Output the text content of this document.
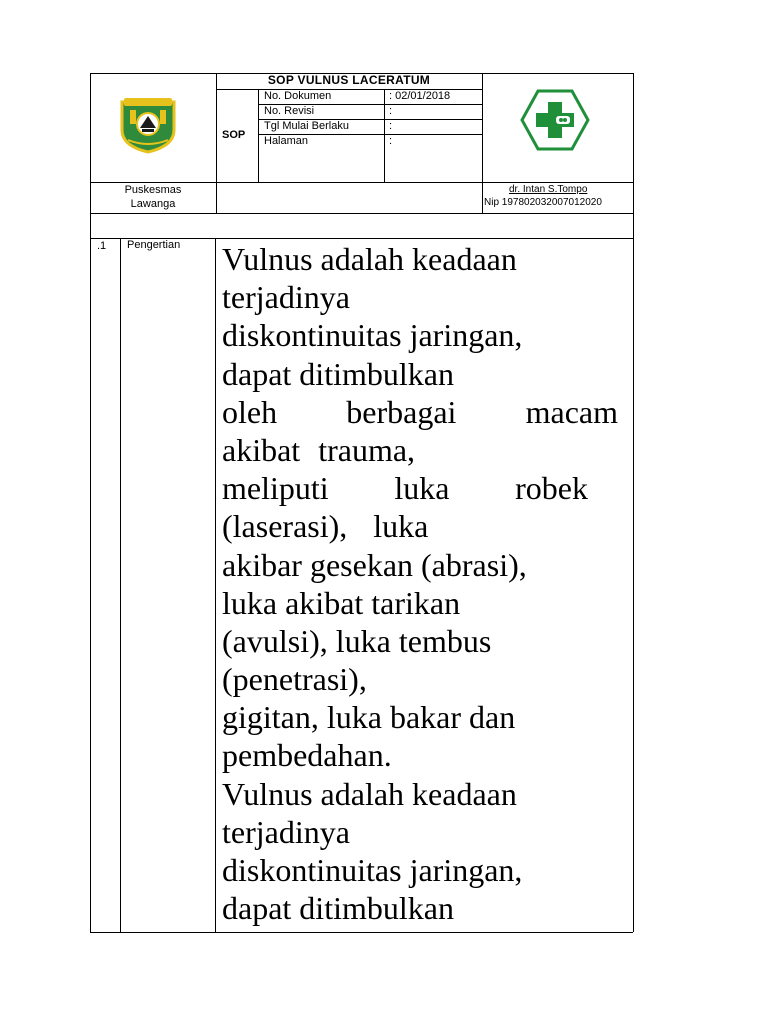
SOP VULNUS LACERATUM
SOP
No. Dokumen	: 02/01/2018
No. Revisi	:
Tgl Mulai Berlaku	:
Halaman	:
Puskesmas
Lawanga
dr. Intan S.Tompo
Nip 197802032007012020
.1 Pengertian Vulnus adalah keadaan
terjadinya
diskontinuitas jaringan,
dapat ditimbulkan
oleh berbagai macam
akibat trauma,
meliputi luka robek
(laserasi), luka
akibar gesekan (abrasi),
luka akibat tarikan
(avulsi), luka tembus
(penetrasi),
gigitan, luka bakar dan
pembedahan.
Vulnus adalah keadaan
terjadinya
diskontinuitas jaringan,
dapat ditimbulkan
